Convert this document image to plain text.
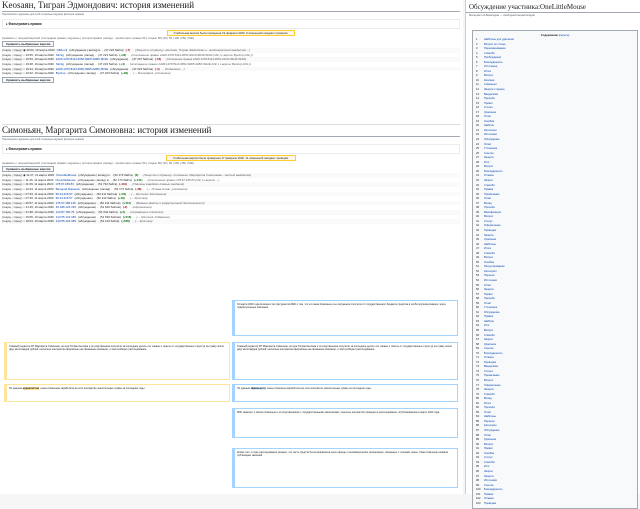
Keosaян, Тигран Эдмондович: история изменений
Просмотреть журналы для этой страницы (журнал фильтра правок)
▸ Фильтровать правки
Стабильная версия была проверена 19 февраля 2020. 9 изменений ожидают проверки.
(сравнить с текущей версией | последняя правка | журналы | история правок | вклад) · просмотреть (новые 50 | старые 50) (20 | 50 | 100 | 250 | 500)
Сравнить выбранные версии
(текущ. | пред.) ◉ 20:00, 19 марта 2020 GBA.mil (обсуждение | вклад) м . . (47 223 байта) (-7) . . (Защитил страницу «Кеосаян, Тигран Эдмондович»: неоднократный вандализм ...)
(текущ. | пред.) ○ 19:55, 19 марта 2020 Skirtig (обсуждение | вклад) . . (47 223 байта) (+16) . . (отклонение правки 2A00:1370:8114:4652:4ACD:9D4F:0FD4 (обс.) к версии Bystrup (обс.))
(текущ. | пред.) ○ 19:53, 19 марта 2020 2A00:1370:8114:4652:49D5:A0BC:9D1E (обсуждение) . . (47 207 байтов) (-16) . . (Отменена правка 2A00:1370:8114:4652:4ACD:9D4F:0FD4)
(текущ. | пред.) ○ 19:48, 19 марта 2020 Skirtig (обсуждение | вклад) . . (47 223 байта) (+4) . . (отклонение правки 2A00:1370:8114:4652:49D5:A0BC:9D1E (обс.) к версии Bystrup (обс.))
(текущ. | пред.) ○ 19:44, 19 марта 2020 2A00:1370:8114:4652:49D5:A0BC:9D1E (обсуждение) . . (47 219 байтов) (-4) . . (Отменено ...)
(текущ. | пред.) ○ 19:42, 19 марта 2020 Bystrup (обсуждение | вклад) . . (47 223 байта) (+29) . . (→ Биография: уточнение)
Сравнить выбранные версии
Симоньян, Маргарита Симоновна: история изменений
Просмотреть журналы для этой страницы (журнал фильтра правок)
▸ Фильтровать правки
Стабильная версия была проверена 17 февраля 2020. 11 изменений ожидают проверки.
(сравнить с текущей версией | последняя правка | журналы | история правок | вклад) · просмотреть (новые 50 | старые 50) (20 | 50 | 100 | 250 | 500)
Сравнить выбранные версии
(текущ. | пред.) ◉ 11:27, 11 марта 2020 OneLittleMouse (обсуждение | вклад) м . . (52 173 байта) (0) . . (Защитил страницу «Симоньян, Маргарита Симоновна»: частый вандализм)
(текущ. | пред.) ○ 11:26, 11 марта 2020 OneLittleMouse (обсуждение | вклад) м . . (52 173 байта) (+441) . . (отклонение правки 178.67.189.83 (обс.) к версии ...)
(текущ. | пред.) ○ 11:09, 11 марта 2020 178.67.189.83 (обсуждение) . . (51 732 байта) (-441) . . (Удалены заведомо ложные сведения)
(текущ. | пред.) ○ 10:23, 11 марта 2020 Валерий Бирюков (обсуждение | вклад) . . (52 173 байта) (-38) . . (→ Личная жизнь: уточнение)
(текущ. | пред.) ○ 07:33, 11 марта 2020 95.24.226.57 (обсуждение) . . (52 211 байтов) (+79) . . (→ Критика: дополнение)
(текущ. | пред.) ○ 07:25, 11 марта 2020 95.24.226.57 (обсуждение) . . (52 132 байта) (+18) . . (→ Критика)
(текущ. | пред.) ○ 06:57, 11 марта 2020 176.97.185.145 (обсуждение) . . (52 114 байтов) (+474) . . (Важные факты о коррупционной деятельности)
(текущ. | пред.) ○ 21:49, 10 марта 2020 46.188.123.159 (обсуждение) . . (51 640 байтов) (-2) . . (оформление)
(текущ. | пред.) ○ 21:38, 10 марта 2020 213.87.150.75 (обсуждение) . . (51 642 байта) (+3) . . (исправление опечатки)
(текущ. | пред.) ○ 16:05, 10 марта 2020 213.55.123.189 (обсуждение) . . (51 639 байтов) (+516) . . (→ Критика: добавлено)
(текущ. | пред.) ○ 16:04, 10 марта 2020 213.55.123.189 (обсуждение) . . (51 123 байта) (+678) . . (→ Критика)
19 марта 2020 года Кеосаян стал фигурантом МКК о том, что его жена Симоньян и ее окружение получили от государственного бюджета средства в особо крупном размере через подконтрольные компании.
Главный редактор RT Маргарита Симоньян, её муж Тигран Кеосаян и их родственники получили за последние десять лет заказы и гранты от государственных структур на сумму около двух миллиардов рублей; несколько контрактов оформлены на связанные компании, о чём сообщает расследование.
Главный редактор RT Маргарита Симоньян, её муж Тигран Кеосаян и их родственники получили за последние десять лет заказы и гранты от государственных структур на сумму около двух миллиардов рублей; несколько контрактов оформлены на связанные компании, о чём сообщает расследование.
По данным журналистов, семья Симоньян заработала на этих контрактах значительные суммы за последние годы.	По данным Навального, семья Симоньян заработала на этих контрактах значительные суммы за последние годы.
МКК заявляет о связях Симоньян и её родственников с государственными заказчиками; перечень контрактов приведён в расследовании, опубликованном в марте 2020 года.
Кроме того, в ходе расследования указано, что часть средств была направлена через фонды и некоммерческие организации, связанные с членами семьи. Сама Симоньян назвала публикацию заказной.
Обсуждение участника:OneLittleMouse
Материал из Википедии — свободной энциклопедии
Содержание [скрыть]
1 Шаблоны для удаления
2 Вопрос по статье
3 Переименование
4 Спасибо
5 Пробуждение
6 Благодарность
7 Об отмене
8 Итоги
9 Вопрос
10 Кеосаян
11 Симоньян
12 Защита страниц
13 Вандализм
14 Просьба
15 Привет
16 Статья
17 Удаление
18 Откат
19 Ошибка
20 Шаблон
21 Категории
22 Источники
23 Обсуждение
24 Ответ
25 Уточнение
26 Ссылки
27 Защита
28 Итог
29 Вопрос
30 Благодарность
31 Отмена
32 Запрос
33 Спасибо
34 Правка
35 Примечание
36 Откат
37 Вклад
38 Просьба
39 Викификация
40 Вопрос
41 Статус
42 Оформление
43 Проверка
44 Защита
45 Удаление
46 Шаблоны
47 Итоги
48 Спасибо
49 Вопрос
50 Ошибка
51 Патрулирование
52 Категория
53 Перенос
54 Источники
55 Ответ
56 Защита
57 Привет
58 Просьба
59 Откат
60 Уточнение
61 Обсуждение
62 Правка
63 Шаблон
64 Итог
65 Вопрос
66 Спасибо
67 Запрос
68 Удаление
69 Ссылки
70 Благодарность
71 Отмена
72 Проверка
73 Вандализм
74 Статья
75 Примечание
76 Вопрос
77 Оформление
78 Защита
79 Спасибо
80 Вклад
81 Итоги
82 Просьба
83 Откат
84 Шаблоны
85 Перенос
86 Категории
87 Обсуждение
88 Ответ
89 Удаление
90 Вопрос
91 Привет
92 Ошибка
93 Статус
94 Спасибо
95 Итог
96 Запрос
97 Защита
98 Источники
99 Ссылки
100 Благодарность
101 Правка
102 Отмена
103 Проверка
